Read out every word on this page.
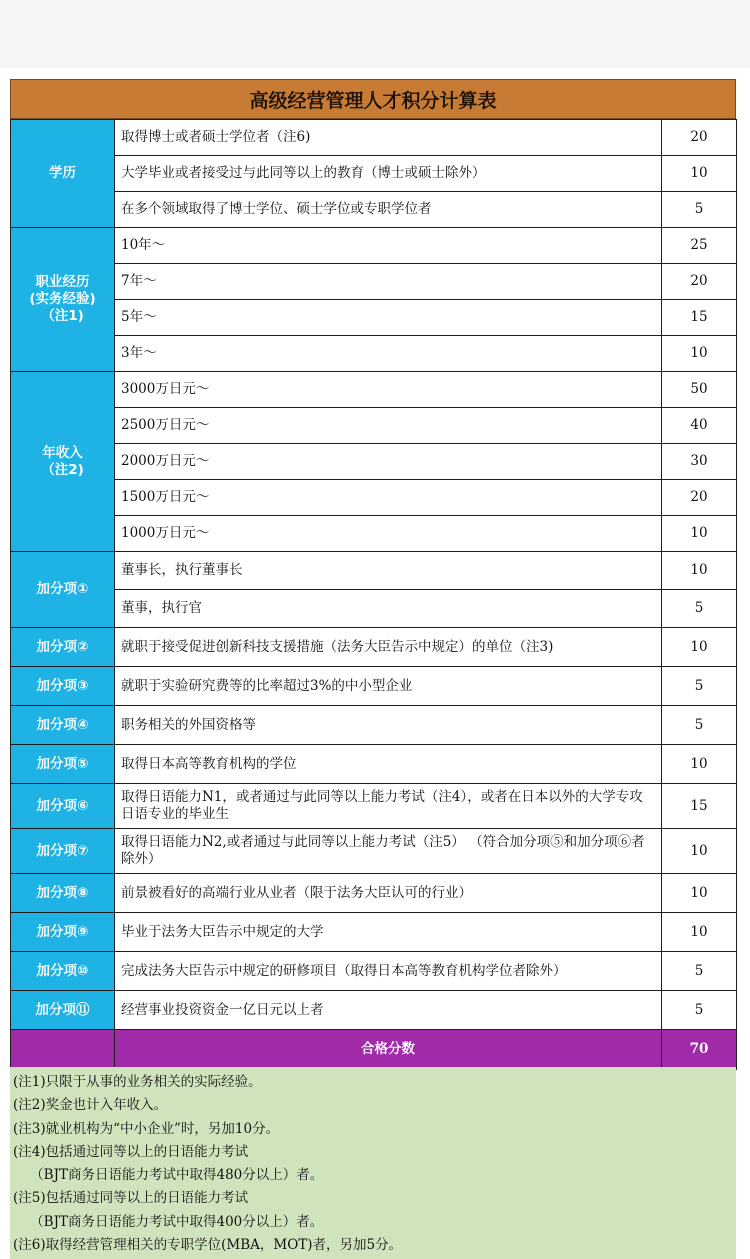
高级经营管理人才积分计算表
学历	取得博士或者硕士学位者（注6)	20
	大学毕业或者接受过与此同等以上的教育（博士或硕士除外）	10
	在多个领域取得了博士学位、硕士学位或专职学位者	5
职业经历
(实务经验)
（注1)	10年～	25
	7年～	20
	5年～	15
	3年～	10
年收入
（注2)	3000万日元～	50
	2500万日元～	40
	2000万日元～	30
	1500万日元～	20
	1000万日元～	10
加分项①	董事长，执行董事长	10
	董事，执行官	5
加分项②	就职于接受促进创新科技支援措施（法务大臣告示中规定）的单位（注3)	10
加分项③	就职于实验研究费等的比率超过3%的中小型企业	5
加分项④	职务相关的外国资格等	5
加分项⑤	取得日本高等教育机构的学位	10
加分项⑥	取得日语能力N1，或者通过与此同等以上能力考试（注4），或者在日本以外的大学专攻日语专业的毕业生	15
加分项⑦	取得日语能力N2,或者通过与此同等以上能力考试（注5） （符合加分项⑤和加分项⑥者除外）	10
加分项⑧	前景被看好的高端行业从业者（限于法务大臣认可的行业）	10
加分项⑨	毕业于法务大臣告示中规定的大学	10
加分项⑩	完成法务大臣告示中规定的研修项目（取得日本高等教育机构学位者除外）	5
加分项⑪	经营事业投资资金一亿日元以上者	5
	合格分数	70
(注1)只限于从事的业务相关的实际经验。
(注2)奖金也计入年收入。
(注3)就业机构为“中小企业”时，另加10分。
(注4)包括通过同等以上的日语能力考试
（BJT商务日语能力考试中取得480分以上）者。
(注5)包括通过同等以上的日语能力考试
（BJT商务日语能力考试中取得400分以上）者。
(注6)取得经营管理相关的专职学位(MBA，MOT)者，另加5分。
